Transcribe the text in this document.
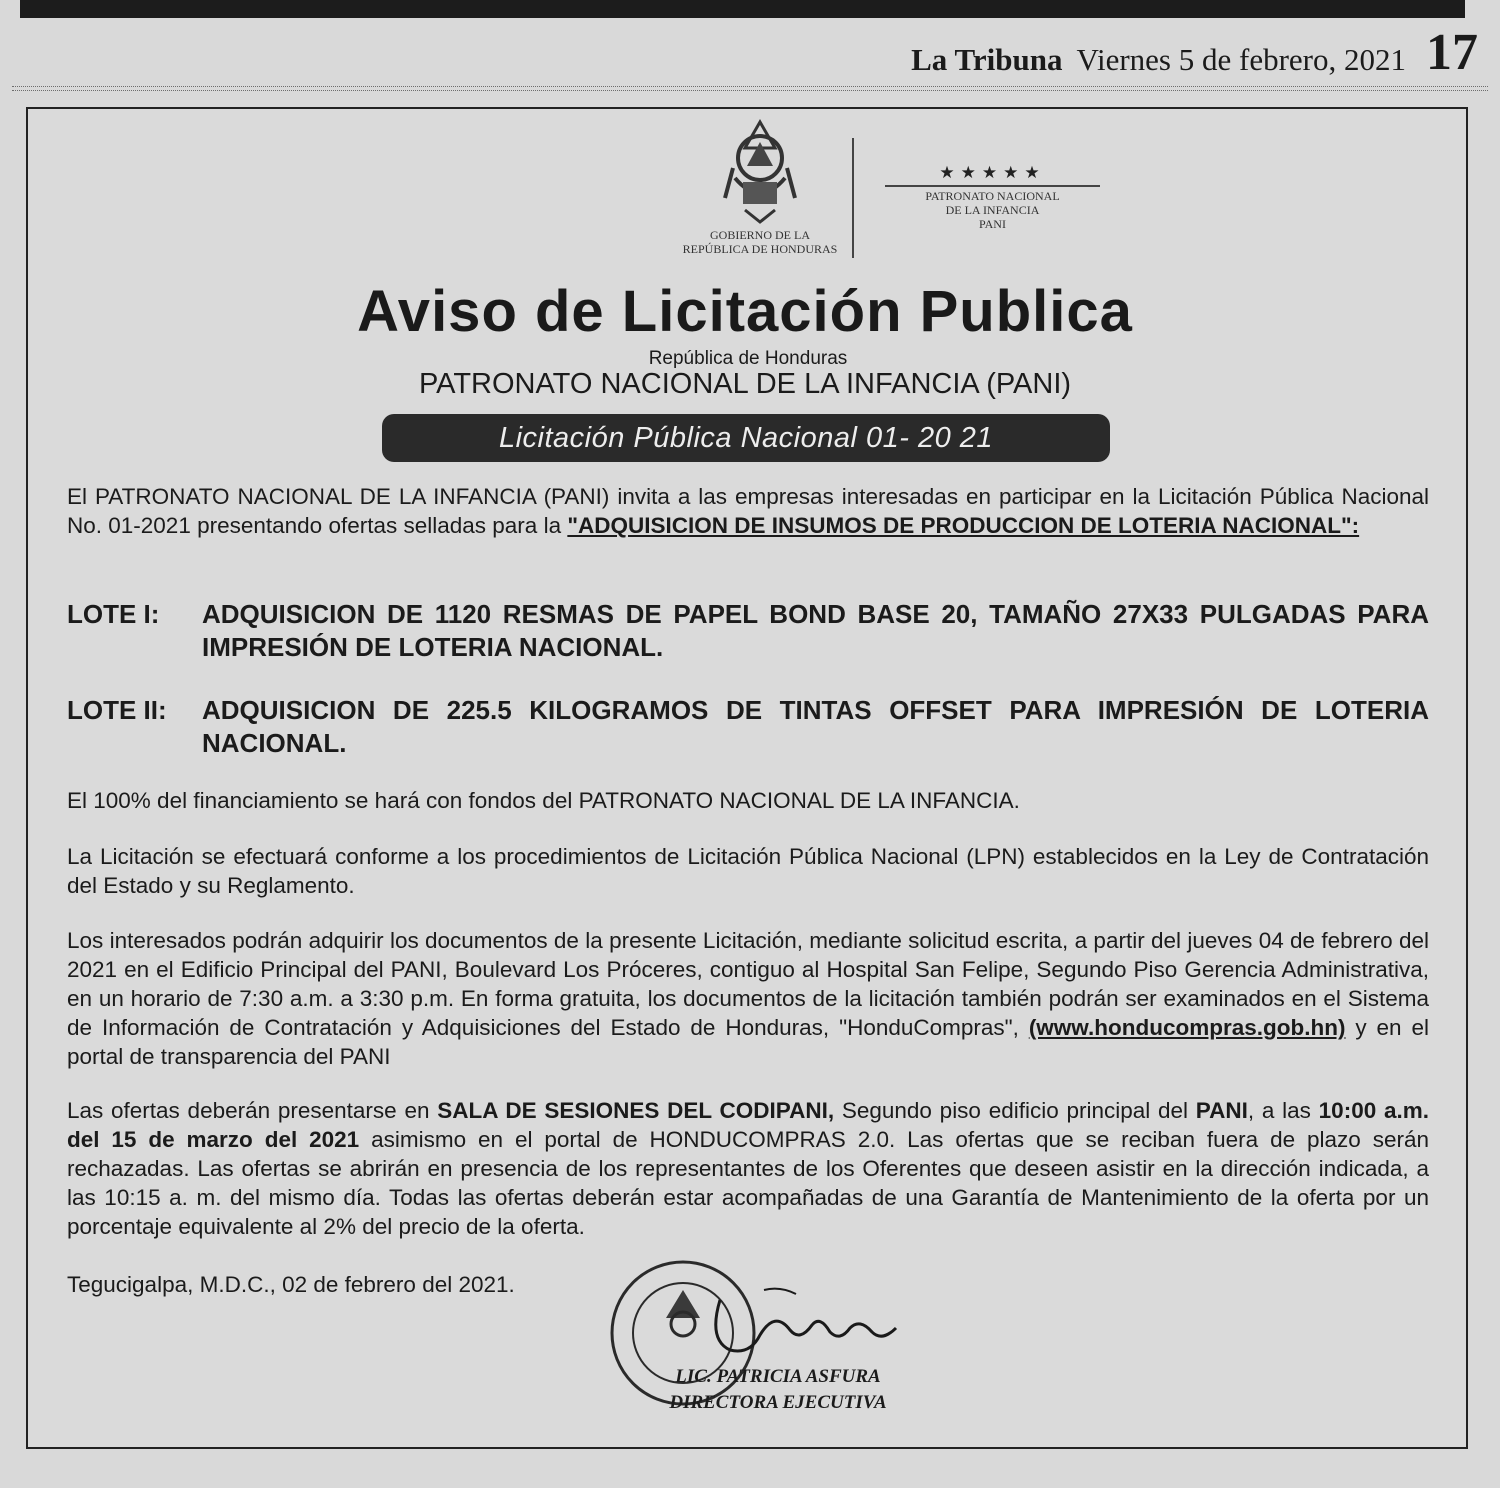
La Tribuna Viernes 5 de febrero, 2021 17
GOBIERNO DE LA
REPÚBLICA DE HONDURAS
★★★★★
PATRONATO NACIONAL
DE LA INFANCIA
PANI
Aviso de Licitación Publica
República de Honduras
PATRONATO NACIONAL DE LA INFANCIA (PANI)
Licitación Pública Nacional 01- 20 21
El PATRONATO NACIONAL DE LA INFANCIA (PANI) invita a las empresas interesadas en participar en la Licitación Pública Nacional No. 01-2021 presentando ofertas selladas para la "ADQUISICION DE INSUMOS DE PRODUCCION DE LOTERIA NACIONAL":
LOTE I:	ADQUISICION DE 1120 RESMAS DE PAPEL BOND BASE 20, TAMAÑO 27X33 PULGADAS PARA IMPRESIÓN DE LOTERIA NACIONAL.
LOTE II:	ADQUISICION DE 225.5 KILOGRAMOS DE TINTAS OFFSET PARA IMPRESIÓN DE LOTERIA NACIONAL.
El 100% del financiamiento se hará con fondos del PATRONATO NACIONAL DE LA INFANCIA.
La Licitación se efectuará conforme a los procedimientos de Licitación Pública Nacional (LPN) establecidos en la Ley de Contratación del Estado y su Reglamento.
Los interesados podrán adquirir los documentos de la presente Licitación, mediante solicitud escrita, a partir del jueves 04 de febrero del 2021 en el Edificio Principal del PANI, Boulevard Los Próceres, contiguo al Hospital San Felipe, Segundo Piso Gerencia Administrativa, en un horario de 7:30 a.m. a 3:30 p.m. En forma gratuita, los documentos de la licitación también podrán ser examinados en el Sistema de Información de Contratación y Adquisiciones del Estado de Honduras, "HonduCompras", (www.honducompras.gob.hn) y en el portal de transparencia del PANI
Las ofertas deberán presentarse en SALA DE SESIONES DEL CODIPANI, Segundo piso edificio principal del PANI, a las 10:00 a.m. del 15 de marzo del 2021 asimismo en el portal de HONDUCOMPRAS 2.0. Las ofertas que se reciban fuera de plazo serán rechazadas. Las ofertas se abrirán en presencia de los representantes de los Oferentes que deseen asistir en la dirección indicada, a las 10:15 a. m. del mismo día. Todas las ofertas deberán estar acompañadas de una Garantía de Mantenimiento de la oferta por un porcentaje equivalente al 2% del precio de la oferta.
Tegucigalpa, M.D.C., 02 de febrero del 2021.
LIC. PATRICIA ASFURA
DIRECTORA EJECUTIVA
